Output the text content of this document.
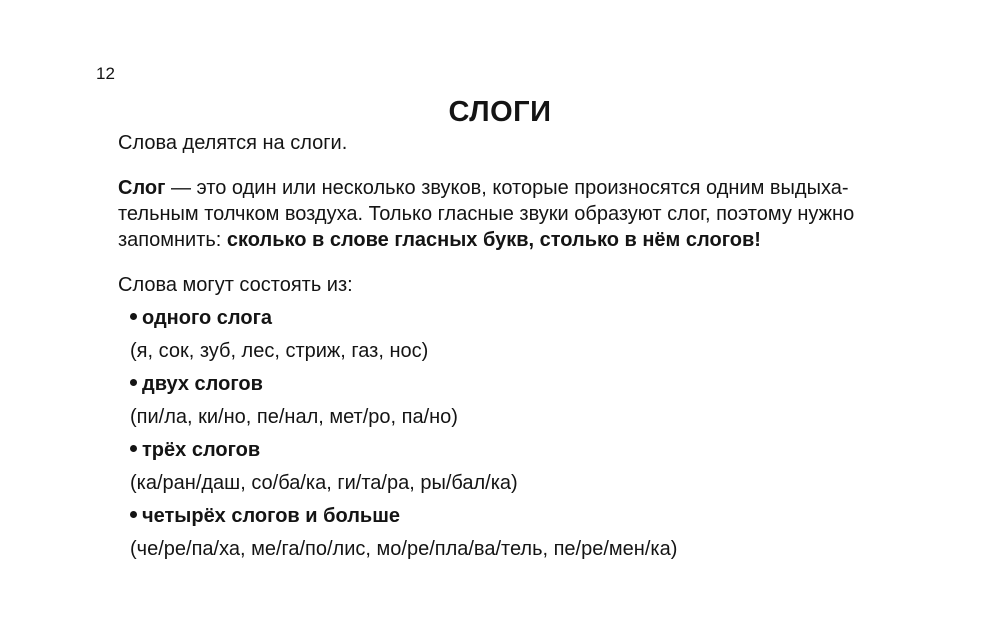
12
СЛОГИ

Слова делятся на слоги.

Слог — это один или несколько звуков, которые произносятся одним выдыха-
тельным толчком воздуха. Только гласные звуки образуют слог, поэтому нужно
запомнить: сколько в слове гласных букв, столько в нём слогов!

Слова могут состоять из:

одного слога
(я, сок, зуб, лес, стриж, газ, нос)
двух слогов
(пи/ла, ки/но, пе/нал, мет/ро, па/но)
трёх слогов
(ка/ран/даш, со/ба/ка, ги/та/ра, ры/бал/ка)
четырёх слогов и больше
(че/ре/па/ха, ме/га/по/лис, мо/ре/пла/ва/тель, пе/ре/мен/ка)
